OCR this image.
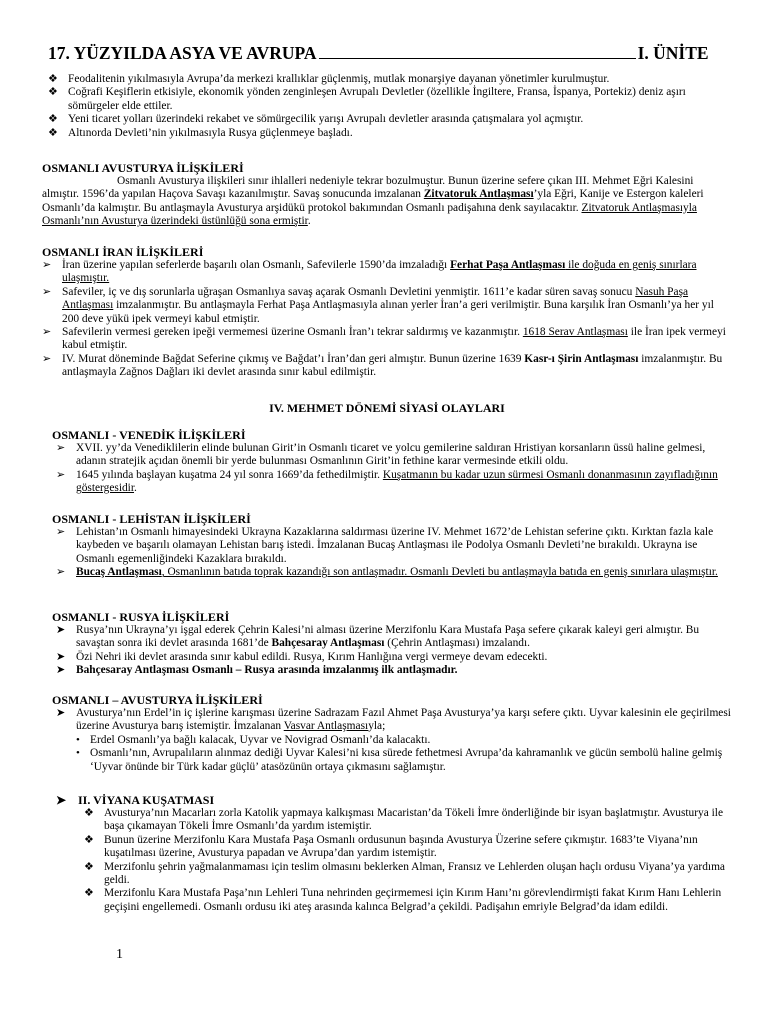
17. YÜZYILDA ASYA VE AVRUPA	I. ÜNİTE
❖ Feodalitenin yıkılmasıyla Avrupa’da merkezi krallıklar güçlenmiş, mutlak monarşiye dayanan yönetimler kurulmuştur.
❖ Coğrafi Keşiflerin etkisiyle, ekonomik yönden zenginleşen Avrupalı Devletler (özellikle İngiltere, Fransa, İspanya, Portekiz) deniz aşırı sömürgeler elde ettiler.
❖ Yeni ticaret yolları üzerindeki rekabet ve sömürgecilik yarışı Avrupalı devletler arasında çatışmalara yol açmıştır.
❖ Altınorda Devleti’nin yıkılmasıyla Rusya güçlenmeye başladı.
OSMANLI AVUSTURYA İLİŞKİLERİ

Osmanlı Avusturya ilişkileri sınır ihlalleri nedeniyle tekrar bozulmuştur. Bunun üzerine sefere çıkan III. Mehmet Eğri Kalesini almıştır. 1596’da yapılan Haçova Savaşı kazanılmıştır. Savaş sonucunda imzalanan Zitvatoruk Antlaşması’yla Eğri, Kanije ve Estergon kaleleri Osmanlı’da kalmıştır. Bu antlaşmayla Avusturya arşidükü protokol bakımından Osmanlı padişahına denk sayılacaktır. Zitvatoruk Antlaşmasıyla Osmanlı’nın Avusturya üzerindeki üstünlüğü sona ermiştir.

OSMANLI İRAN İLİŞKİLERİ
➢ İran üzerine yapılan seferlerde başarılı olan Osmanlı, Safevilerle 1590’da imzaladığı Ferhat Paşa Antlaşması ile doğuda en geniş sınırlara ulaşmıştır.
➢ Safeviler, iç ve dış sorunlarla uğraşan Osmanlıya savaş açarak Osmanlı Devletini yenmiştir. 1611’e kadar süren savaş sonucu Nasuh Paşa Antlaşması imzalanmıştır. Bu antlaşmayla Ferhat Paşa Antlaşmasıyla alınan yerler İran’a geri verilmiştir. Buna karşılık İran Osmanlı’ya her yıl 200 deve yükü ipek vermeyi kabul etmiştir.
➢ Safevilerin vermesi gereken ipeği vermemesi üzerine Osmanlı İran’ı tekrar saldırmış ve kazanmıştır. 1618 Serav Antlaşması ile İran ipek vermeyi kabul etmiştir.
➢ IV. Murat döneminde Bağdat Seferine çıkmış ve Bağdat’ı İran’dan geri almıştır. Bunun üzerine 1639 Kasr-ı Şirin Antlaşması imzalanmıştır. Bu antlaşmayla Zağnos Dağları iki devlet arasında sınır kabul edilmiştir.
IV. MEHMET DÖNEMİ SİYASİ OLAYLARI
OSMANLI - VENEDİK İLİŞKİLERİ
➢ XVII. yy’da Venediklilerin elinde bulunan Girit’in Osmanlı ticaret ve yolcu gemilerine saldıran Hristiyan korsanların üssü haline gelmesi, adanın stratejik açıdan önemli bir yerde bulunması Osmanlının Girit’in fethine karar vermesinde etkili oldu.
➢ 1645 yılında başlayan kuşatma 24 yıl sonra 1669’da fethedilmiştir. Kuşatmanın bu kadar uzun sürmesi Osmanlı donanmasının zayıfladığının göstergesidir.
OSMANLI - LEHİSTAN İLİŞKİLERİ
➢ Lehistan’ın Osmanlı himayesindeki Ukrayna Kazaklarına saldırması üzerine IV. Mehmet 1672’de Lehistan seferine çıktı. Kırktan fazla kale kaybeden ve başarılı olamayan Lehistan barış istedi. İmzalanan Bucaş Antlaşması ile Podolya Osmanlı Devleti’ne bırakıldı. Ukrayna ise Osmanlı egemenliğindeki Kazaklara bırakıldı.
➢ Bucaş Antlaşması, Osmanlının batıda toprak kazandığı son antlaşmadır. Osmanlı Devleti bu antlaşmayla batıda en geniş sınırlara ulaşmıştır.
OSMANLI - RUSYA İLİŞKİLERİ
➤ Rusya’nın Ukrayna’yı işgal ederek Çehrin Kalesi’ni alması üzerine Merzifonlu Kara Mustafa Paşa sefere çıkarak kaleyi geri almıştır. Bu savaştan sonra iki devlet arasında 1681’de Bahçesaray Antlaşması (Çehrin Antlaşması) imzalandı.
➤ Özi Nehri iki devlet arasında sınır kabul edildi. Rusya, Kırım Hanlığına vergi vermeye devam edecekti.
➤ Bahçesaray Antlaşması Osmanlı – Rusya arasında imzalanmış ilk antlaşmadır.
OSMANLI – AVUSTURYA İLİŞKİLERİ
➤ Avusturya’nın Erdel’in iç işlerine karışması üzerine Sadrazam Fazıl Ahmet Paşa Avusturya’ya karşı sefere çıktı. Uyvar kalesinin ele geçirilmesi üzerine Avusturya barış istemiştir. İmzalanan Vasvar Antlaşmasıyla;
• Erdel Osmanlı’ya bağlı kalacak, Uyvar ve Novigrad Osmanlı’da kalacaktı.
• Osmanlı’nın, Avrupalıların alınmaz dediği Uyvar Kalesi’ni kısa sürede fethetmesi Avrupa’da kahramanlık ve gücün sembolü haline gelmiş ‘Uyvar önünde bir Türk kadar güçlü’ atasözünün ortaya çıkmasını sağlamıştır.
➤ II. VİYANA KUŞATMASI
❖ Avusturya’nın Macarları zorla Katolik yapmaya kalkışması Macaristan’da Tökeli İmre önderliğinde bir isyan başlatmıştır. Avusturya ile başa çıkamayan Tökeli İmre Osmanlı’da yardım istemiştir.
❖ Bunun üzerine Merzifonlu Kara Mustafa Paşa Osmanlı ordusunun başında Avusturya Üzerine sefere çıkmıştır. 1683’te Viyana’nın kuşatılması üzerine, Avusturya papadan ve Avrupa’dan yardım istemiştir.
❖ Merzifonlu şehrin yağmalanmaması için teslim olmasını beklerken Alman, Fransız ve Lehlerden oluşan haçlı ordusu Viyana’ya yardıma geldi.
❖ Merzifonlu Kara Mustafa Paşa’nın Lehleri Tuna nehrinden geçirmemesi için Kırım Hanı’nı görevlendirmişti fakat Kırım Hanı Lehlerin geçişini engellemedi. Osmanlı ordusu iki ateş arasında kalınca Belgrad’a çekildi. Padişahın emriyle Belgrad’da idam edildi.
1
